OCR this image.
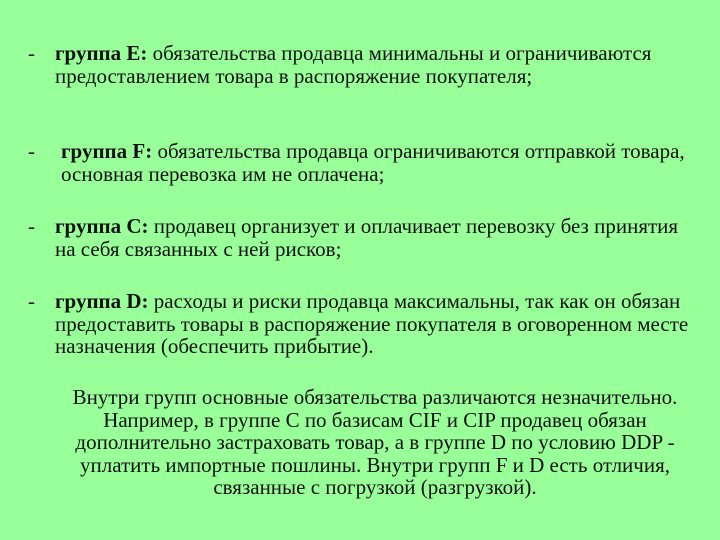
- группа E: обязательства продавца минимальны и ограничиваются предоставлением товара в распоряжение покупателя;
- группа F: обязательства продавца ограничиваются отправкой товара, основная перевозка им не оплачена;
- группа С: продавец организует и оплачивает перевозку без принятия на себя связанных с ней рисков;
- группа D: расходы и риски продавца максимальны, так как он обязан предоставить товары в распоряжение покупателя в оговоренном месте назначения (обеспечить прибытие).
Внутри групп основные обязательства различаются незначительно. Например, в группе С по базисам CIF и CIP продавец обязан дополнительно застраховать товар, а в группе D по условию DDP - уплатить импортные пошлины. Внутри групп F и D есть отличия, связанные с погрузкой (разгрузкой).
